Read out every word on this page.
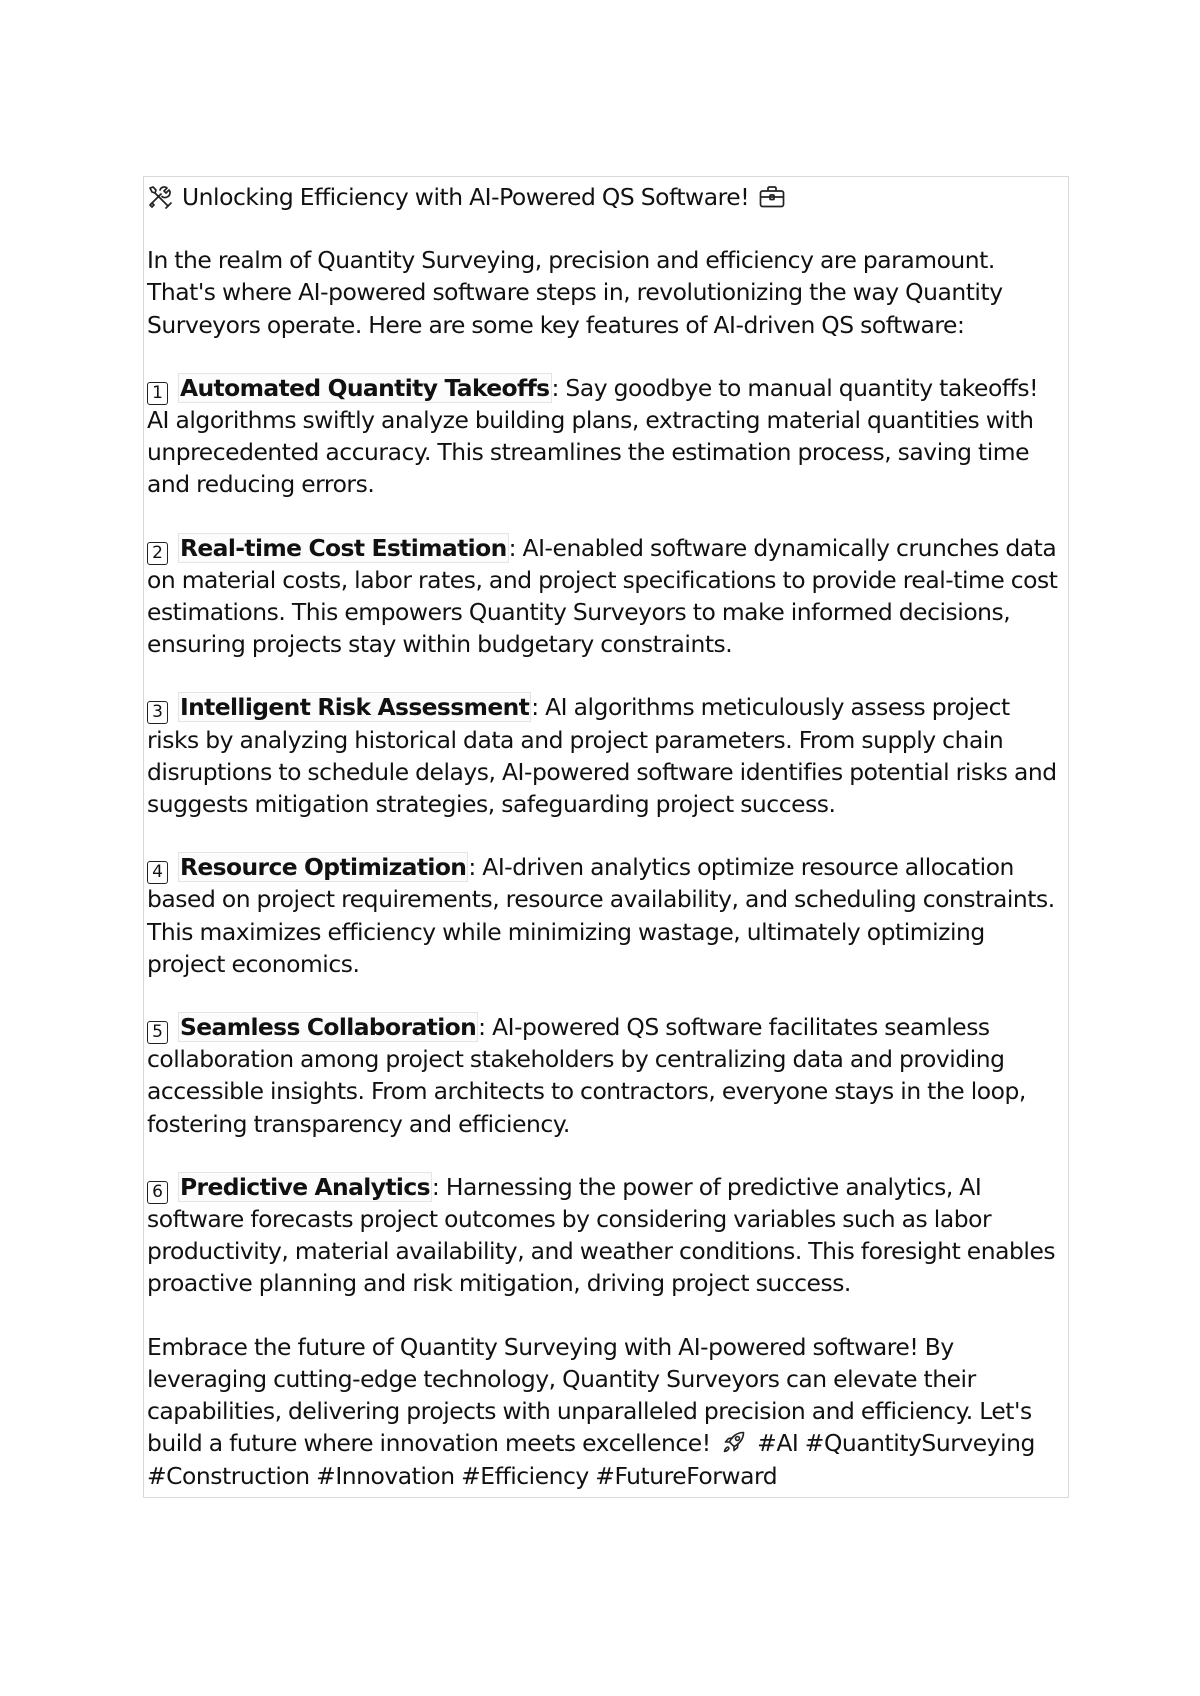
Unlocking Efficiency with AI-Powered QS Software!

In the realm of Quantity Surveying, precision and efficiency are paramount. That's where AI-powered software steps in, revolutionizing the way Quantity Surveyors operate. Here are some key features of AI-driven QS software:

1 Automated Quantity Takeoffs: Say goodbye to manual quantity takeoffs! AI algorithms swiftly analyze building plans, extracting material quantities with unprecedented accuracy. This streamlines the estimation process, saving time and reducing errors.

2 Real-time Cost Estimation: AI-enabled software dynamically crunches data on material costs, labor rates, and project specifications to provide real-time cost estimations. This empowers Quantity Surveyors to make informed decisions, ensuring projects stay within budgetary constraints.

3 Intelligent Risk Assessment: AI algorithms meticulously assess project risks by analyzing historical data and project parameters. From supply chain disruptions to schedule delays, AI-powered software identifies potential risks and suggests mitigation strategies, safeguarding project success.

4 Resource Optimization: AI-driven analytics optimize resource allocation based on project requirements, resource availability, and scheduling constraints. This maximizes efficiency while minimizing wastage, ultimately optimizing project economics.

5 Seamless Collaboration: AI-powered QS software facilitates seamless collaboration among project stakeholders by centralizing data and providing accessible insights. From architects to contractors, everyone stays in the loop, fostering transparency and efficiency.

6 Predictive Analytics: Harnessing the power of predictive analytics, AI software forecasts project outcomes by considering variables such as labor productivity, material availability, and weather conditions. This foresight enables proactive planning and risk mitigation, driving project success.

Embrace the future of Quantity Surveying with AI-powered software! By leveraging cutting-edge technology, Quantity Surveyors can elevate their capabilities, delivering projects with unparalleled precision and efficiency. Let's build a future where innovation meets excellence! #AI #QuantitySurveying #Construction #Innovation #Efficiency #FutureForward
